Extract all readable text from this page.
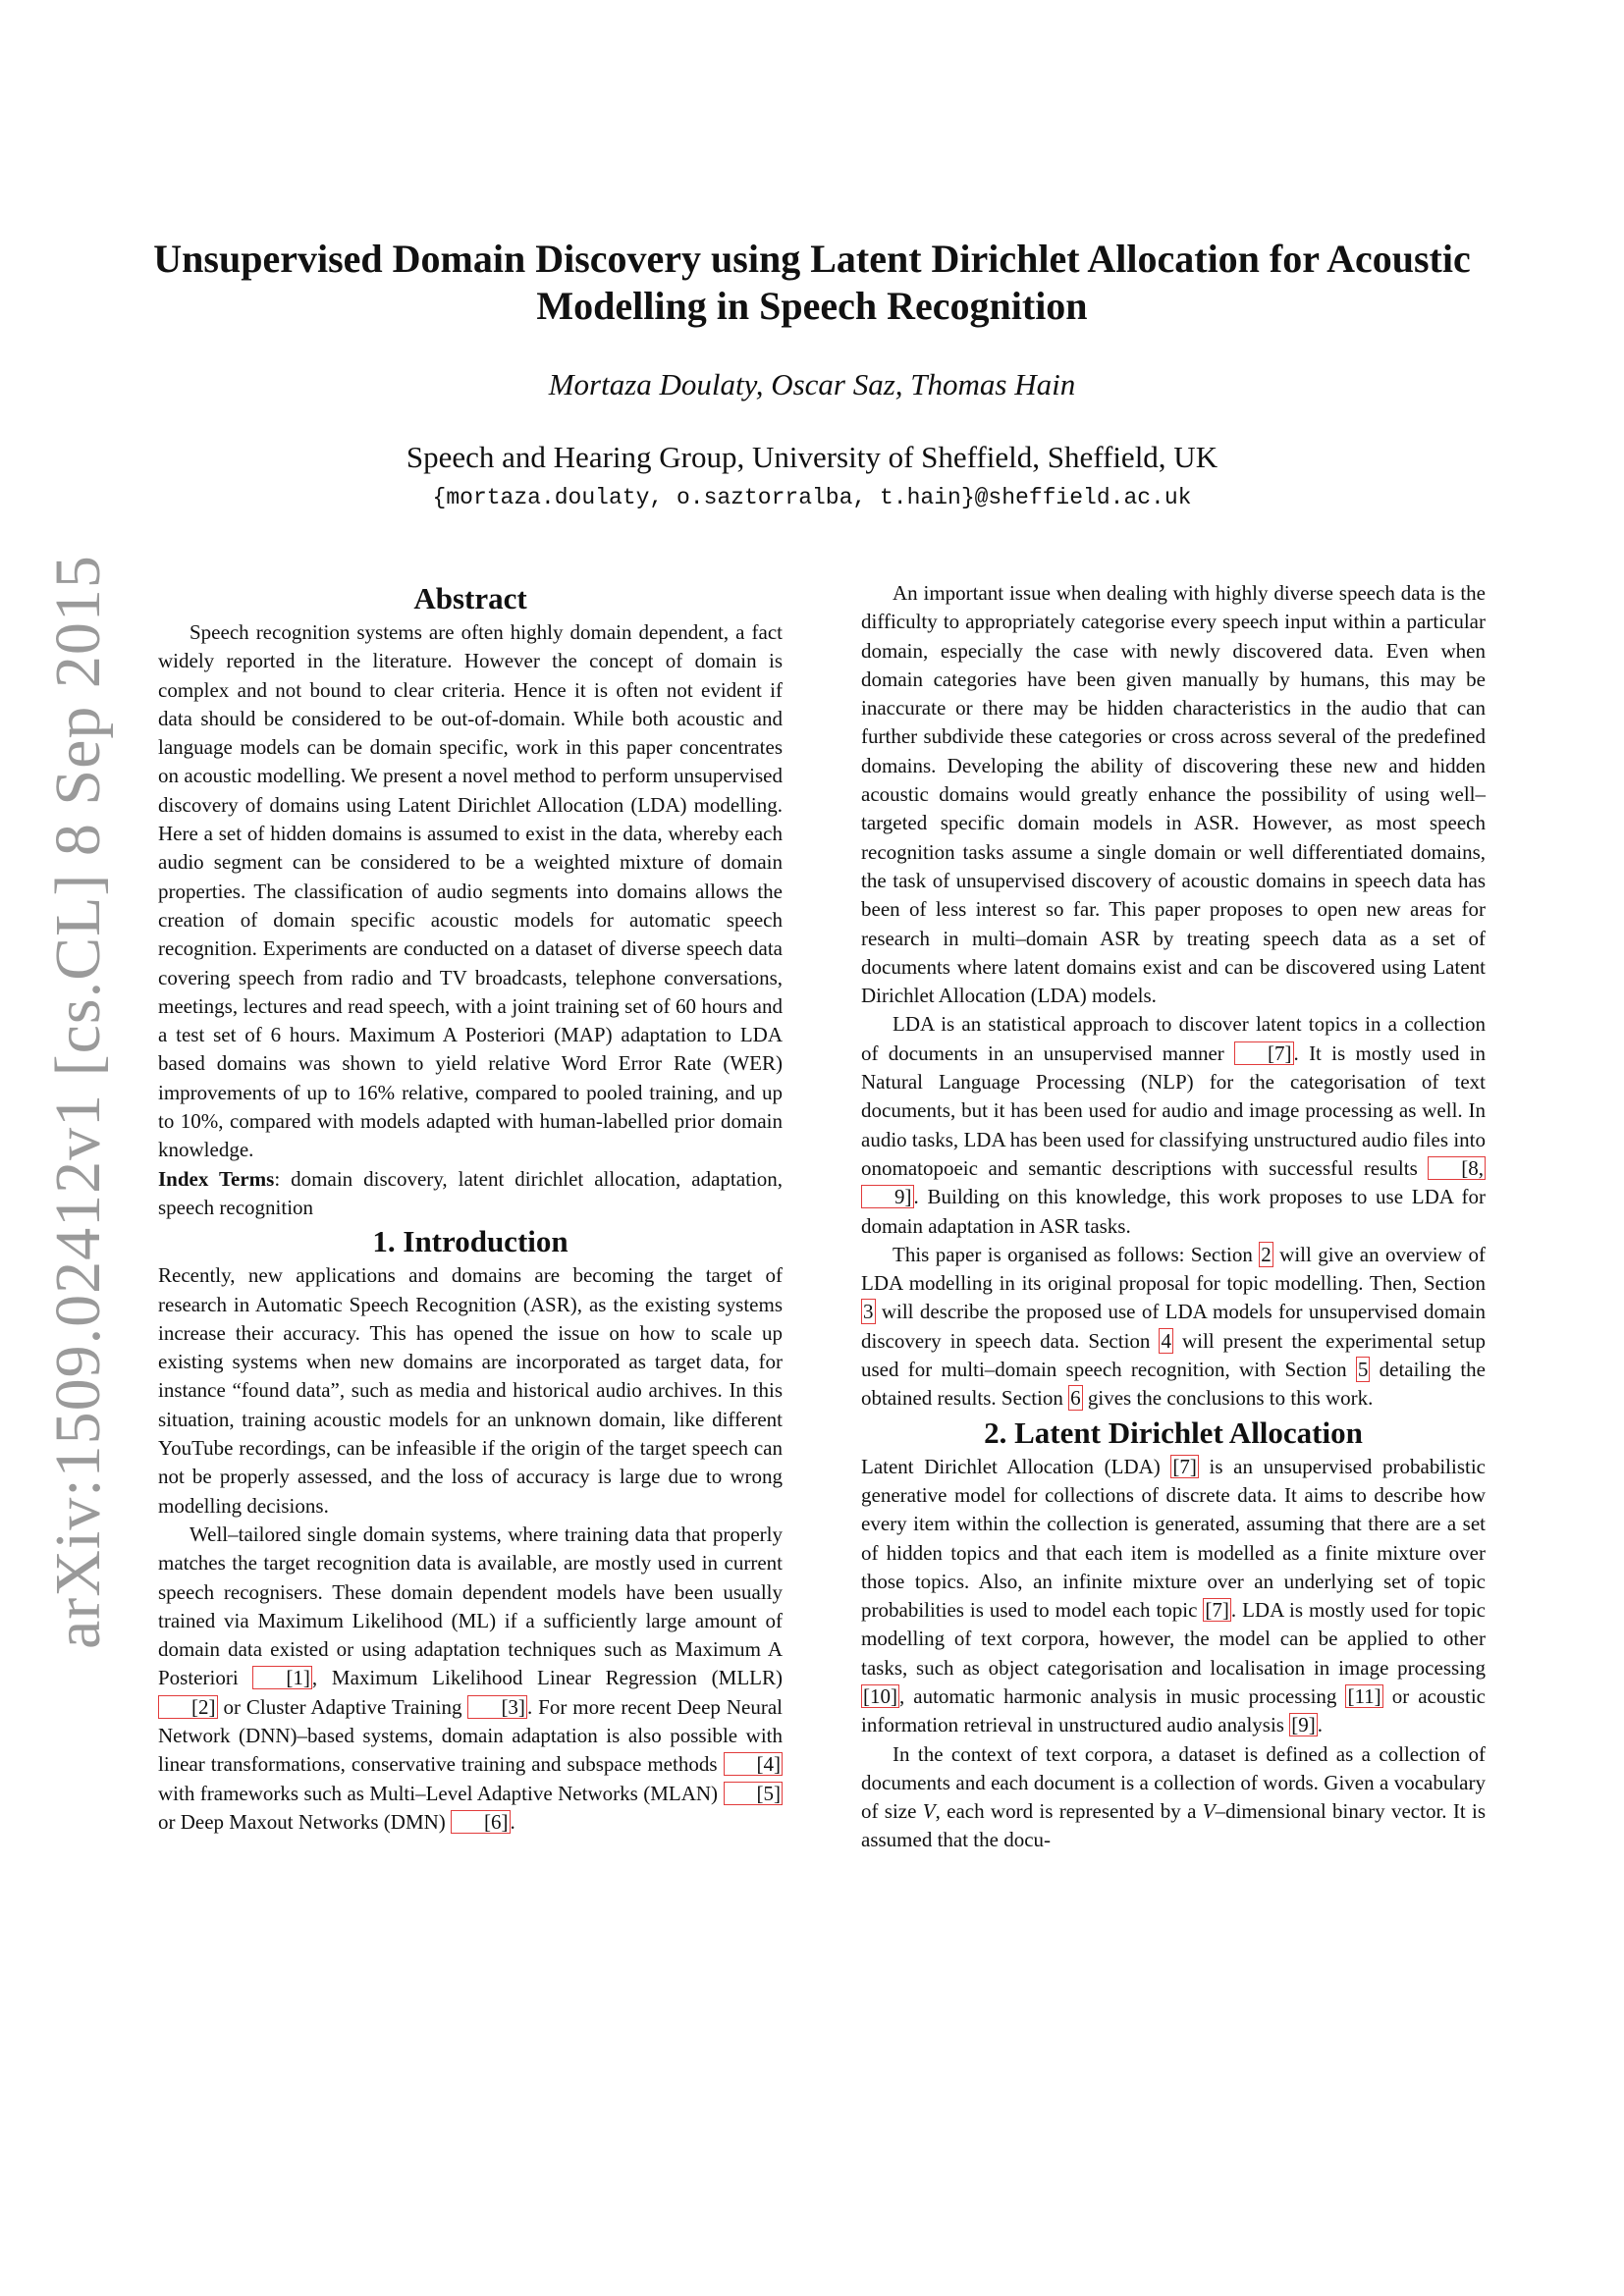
arXiv:1509.02412v1 [cs.CL] 8 Sep 2015
Unsupervised Domain Discovery using Latent Dirichlet Allocation for Acoustic
Modelling in Speech Recognition
Mortaza Doulaty, Oscar Saz, Thomas Hain
Speech and Hearing Group, University of Sheffield, Sheffield, UK
{mortaza.doulaty, o.saztorralba, t.hain}@sheffield.ac.uk
Abstract

Speech recognition systems are often highly domain dependent, a fact widely reported in the literature. However the concept of domain is complex and not bound to clear criteria. Hence it is often not evident if data should be considered to be out-of-domain. While both acoustic and language models can be domain specific, work in this paper concentrates on acoustic modelling. We present a novel method to perform unsupervised discovery of domains using Latent Dirichlet Allocation (LDA) modelling. Here a set of hidden domains is assumed to exist in the data, whereby each audio segment can be considered to be a weighted mixture of domain properties. The classification of audio segments into domains allows the creation of domain specific acoustic models for automatic speech recognition. Experiments are conducted on a dataset of diverse speech data covering speech from radio and TV broadcasts, telephone conversations, meetings, lectures and read speech, with a joint training set of 60 hours and a test set of 6 hours. Maximum A Posteriori (MAP) adaptation to LDA based domains was shown to yield relative Word Error Rate (WER) improvements of up to 16% relative, compared to pooled training, and up to 10%, compared with models adapted with human-labelled prior domain knowledge.

Index Terms: domain discovery, latent dirichlet allocation, adaptation, speech recognition

1. Introduction

Recently, new applications and domains are becoming the target of research in Automatic Speech Recognition (ASR), as the existing systems increase their accuracy. This has opened the issue on how to scale up existing systems when new domains are incorporated as target data, for instance “found data”, such as media and historical audio archives. In this situation, training acoustic models for an unknown domain, like different YouTube recordings, can be infeasible if the origin of the target speech can not be properly assessed, and the loss of accuracy is large due to wrong modelling decisions.

Well–tailored single domain systems, where training data that properly matches the target recognition data is available, are mostly used in current speech recognisers. These domain dependent models have been usually trained via Maximum Likelihood (ML) if a sufficiently large amount of domain data existed or using adaptation techniques such as Maximum A Posteriori [1], Maximum Likelihood Linear Regression (MLLR) [2] or Cluster Adaptive Training [3]. For more recent Deep Neural Network (DNN)–based systems, domain adaptation is also possible with linear transformations, conservative training and subspace methods [4] with frameworks such as Multi–Level Adaptive Networks (MLAN) [5] or Deep Maxout Networks (DMN) [6].

An important issue when dealing with highly diverse speech data is the difficulty to appropriately categorise every speech input within a particular domain, especially the case with newly discovered data. Even when domain categories have been given manually by humans, this may be inaccurate or there may be hidden characteristics in the audio that can further subdivide these categories or cross across several of the predefined domains. Developing the ability of discovering these new and hidden acoustic domains would greatly enhance the possibility of using well–targeted specific domain models in ASR. However, as most speech recognition tasks assume a single domain or well differentiated domains, the task of unsupervised discovery of acoustic domains in speech data has been of less interest so far. This paper proposes to open new areas for research in multi–domain ASR by treating speech data as a set of documents where latent domains exist and can be discovered using Latent Dirichlet Allocation (LDA) models.

LDA is an statistical approach to discover latent topics in a collection of documents in an unsupervised manner [7]. It is mostly used in Natural Language Processing (NLP) for the categorisation of text documents, but it has been used for audio and image processing as well. In audio tasks, LDA has been used for classifying unstructured audio files into onomatopoeic and semantic descriptions with successful results [8,9]. Building on this knowledge, this work proposes to use LDA for domain adaptation in ASR tasks.

This paper is organised as follows: Section 2 will give an overview of LDA modelling in its original proposal for topic modelling. Then, Section 3 will describe the proposed use of LDA models for unsupervised domain discovery in speech data. Section 4 will present the experimental setup used for multi–domain speech recognition, with Section 5 detailing the obtained results. Section 6 gives the conclusions to this work.

2. Latent Dirichlet Allocation

Latent Dirichlet Allocation (LDA) [7] is an unsupervised probabilistic generative model for collections of discrete data. It aims to describe how every item within the collection is generated, assuming that there are a set of hidden topics and that each item is modelled as a finite mixture over those topics. Also, an infinite mixture over an underlying set of topic probabilities is used to model each topic [7]. LDA is mostly used for topic modelling of text corpora, however, the model can be applied to other tasks, such as object categorisation and localisation in image processing [10], automatic harmonic analysis in music processing [11] or acoustic information retrieval in unstructured audio analysis [9].

In the context of text corpora, a dataset is defined as a collection of documents and each document is a collection of words. Given a vocabulary of size V, each word is represented by a V–dimensional binary vector. It is assumed that the docu-
